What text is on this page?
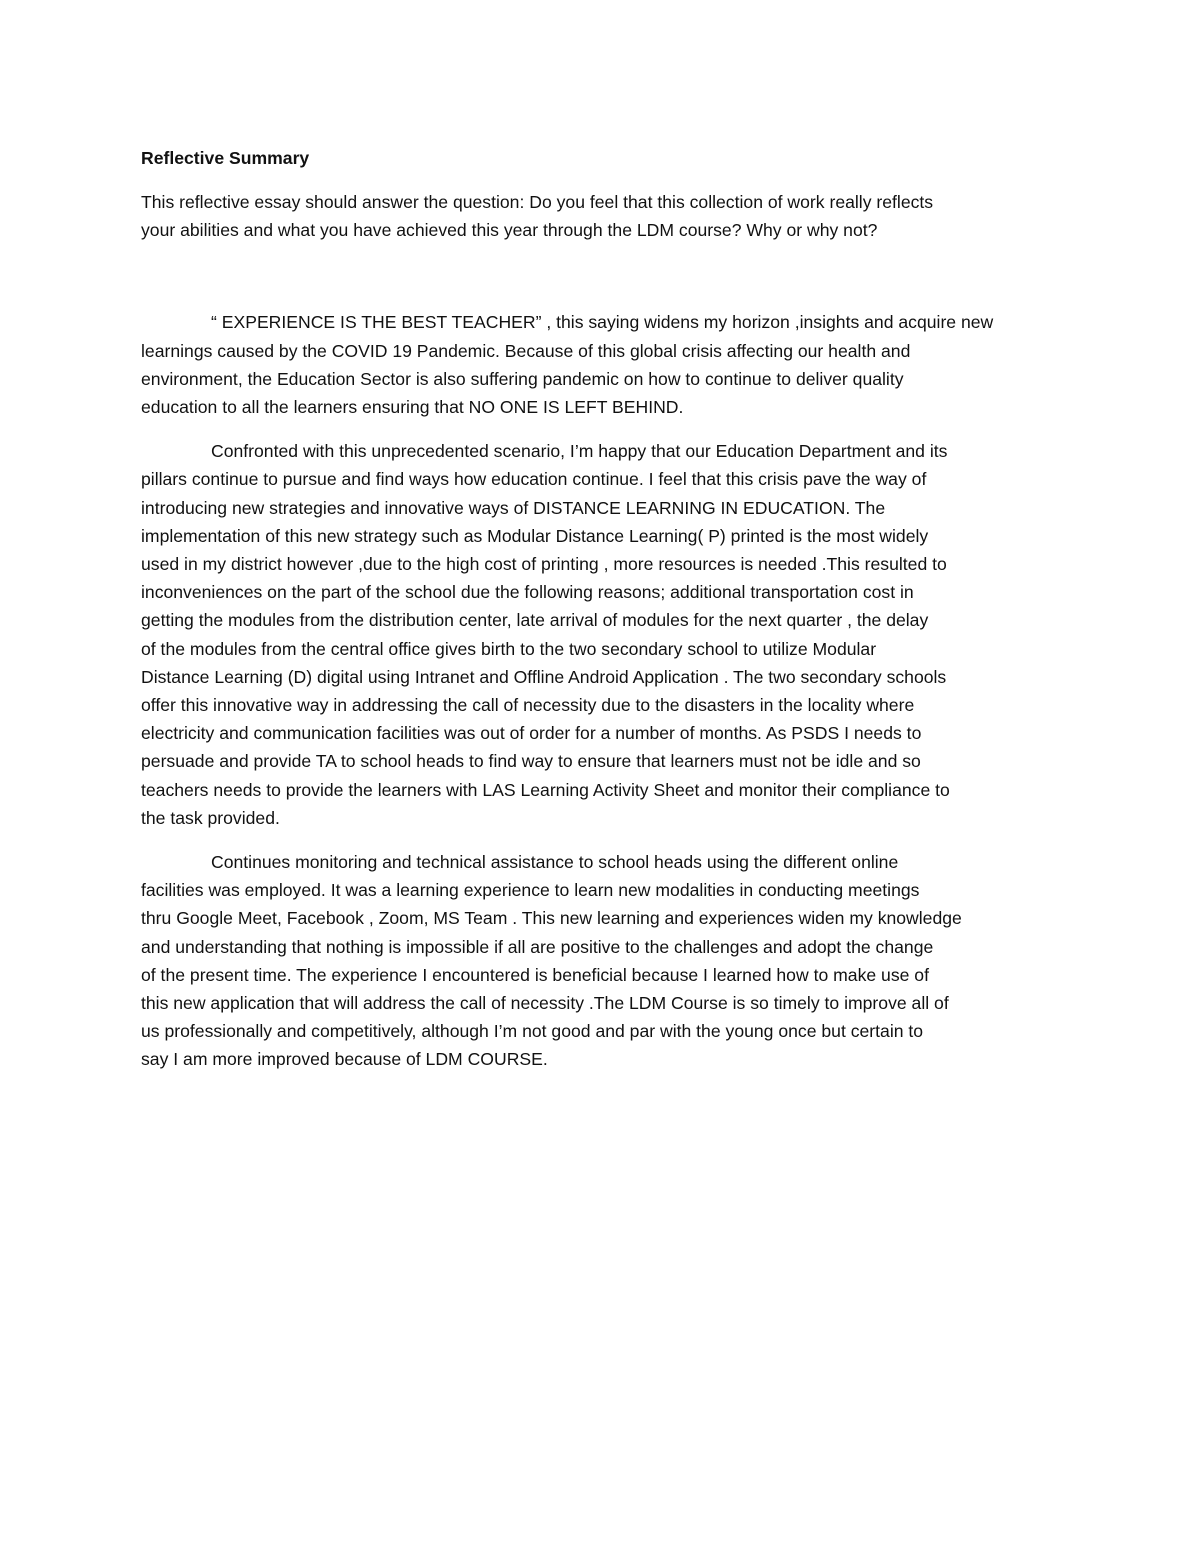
Reflective Summary
This reflective essay should answer the question: Do you feel that this collection of work really reflects
your abilities and what you have achieved this year through the LDM course? Why or why not?
“ EXPERIENCE IS THE BEST TEACHER” , this saying widens my horizon ,insights and acquire new
learnings caused by the COVID 19 Pandemic. Because of this global crisis affecting our health and
environment, the Education Sector is also suffering pandemic on how to continue to deliver quality
education to all the learners ensuring that NO ONE IS LEFT BEHIND.
Confronted with this unprecedented scenario, I’m happy that our Education Department and its
pillars continue to pursue and find ways how education continue. I feel that this crisis pave the way of
introducing new strategies and innovative ways of DISTANCE LEARNING IN EDUCATION. The
implementation of this new strategy such as Modular Distance Learning( P) printed is the most widely
used in my district however ,due to the high cost of printing , more resources is needed .This resulted to
inconveniences on the part of the school due the following reasons; additional transportation cost in
getting the modules from the distribution center, late arrival of modules for the next quarter , the delay
of the modules from the central office gives birth to the two secondary school to utilize Modular
Distance Learning (D) digital using Intranet and Offline Android Application . The two secondary schools
offer this innovative way in addressing the call of necessity due to the disasters in the locality where
electricity and communication facilities was out of order for a number of months. As PSDS I needs to
persuade and provide TA to school heads to find way to ensure that learners must not be idle and so
teachers needs to provide the learners with LAS Learning Activity Sheet and monitor their compliance to
the task provided.
Continues monitoring and technical assistance to school heads using the different online
facilities was employed. It was a learning experience to learn new modalities in conducting meetings
thru Google Meet, Facebook , Zoom, MS Team . This new learning and experiences widen my knowledge
and understanding that nothing is impossible if all are positive to the challenges and adopt the change
of the present time. The experience I encountered is beneficial because I learned how to make use of
this new application that will address the call of necessity .The LDM Course is so timely to improve all of
us professionally and competitively, although I’m not good and par with the young once but certain to
say I am more improved because of LDM COURSE.
